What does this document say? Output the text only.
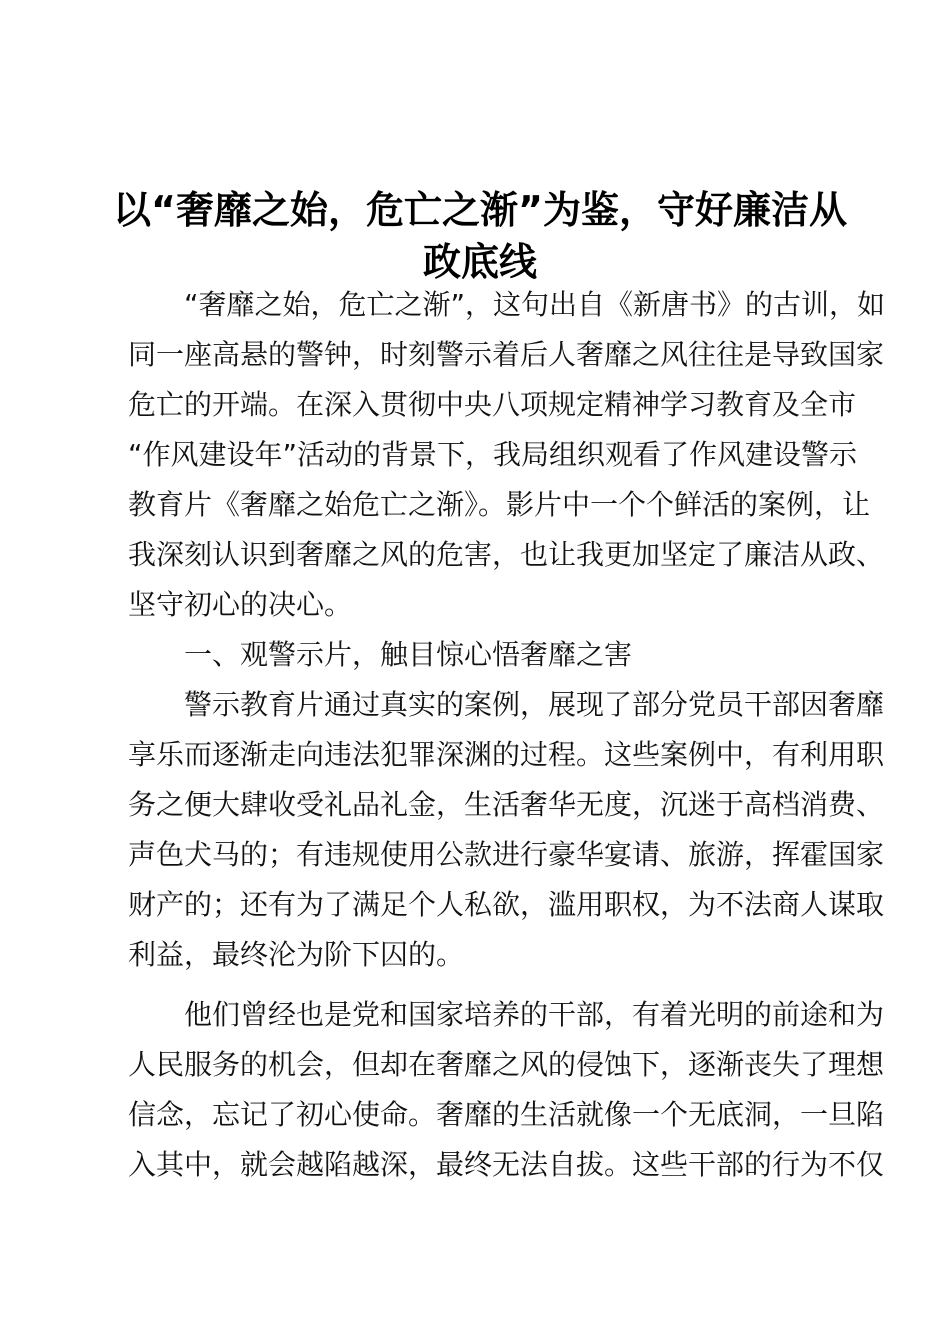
以“奢靡之始，危亡之渐”为鉴，守好廉洁从
政底线
　　“奢靡之始，危亡之渐”，这句出自《新唐书》的古训，如
同一座高悬的警钟，时刻警示着后人奢靡之风往往是导致国家
危亡的开端。在深入贯彻中央八项规定精神学习教育及全市
“作风建设年”活动的背景下，我局组织观看了作风建设警示
教育片《奢靡之始危亡之渐》。影片中一个个鲜活的案例，让
我深刻认识到奢靡之风的危害，也让我更加坚定了廉洁从政、
坚守初心的决心。
　　一、观警示片，触目惊心悟奢靡之害
　　警示教育片通过真实的案例，展现了部分党员干部因奢靡
享乐而逐渐走向违法犯罪深渊的过程。这些案例中，有利用职
务之便大肆收受礼品礼金，生活奢华无度，沉迷于高档消费、
声色犬马的；有违规使用公款进行豪华宴请、旅游，挥霍国家
财产的；还有为了满足个人私欲，滥用职权，为不法商人谋取
利益，最终沦为阶下囚的。
　　他们曾经也是党和国家培养的干部，有着光明的前途和为
人民服务的机会，但却在奢靡之风的侵蚀下，逐渐丧失了理想
信念，忘记了初心使命。奢靡的生活就像一个无底洞，一旦陷
入其中，就会越陷越深，最终无法自拔。这些干部的行为不仅
